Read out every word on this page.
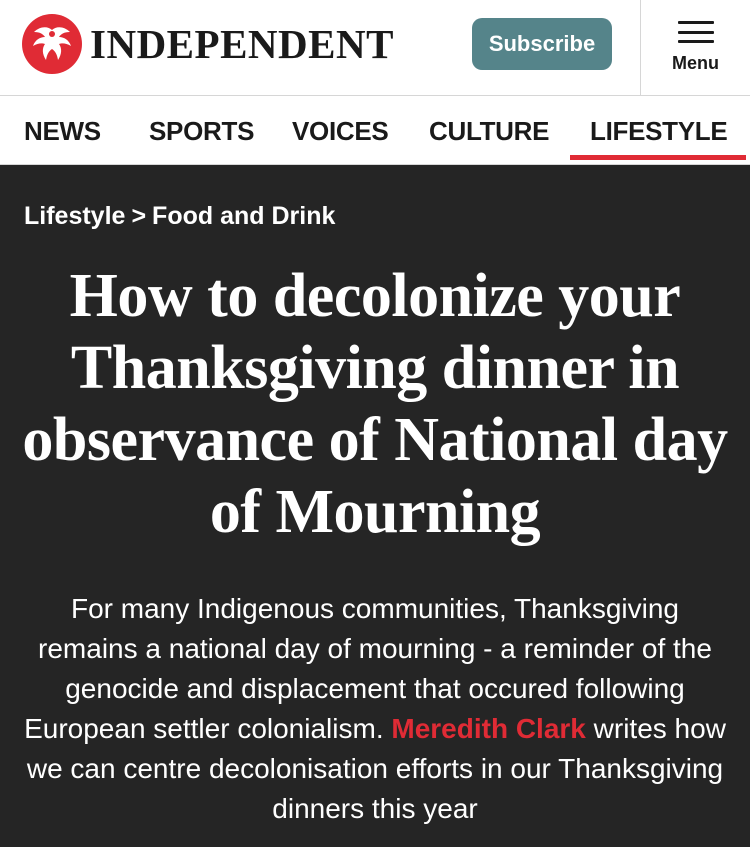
INDEPENDENT	Subscribe
Menu
NEWS SPORTS VOICES CULTURE LIFESTYLE
Lifestyle > Food and Drink
How to decolonize your Thanksgiving dinner in observance of National day of Mourning

For many Indigenous communities, Thanksgiving remains a national day of mourning - a reminder of the genocide and displacement that occured following European settler colonialism. Meredith Clark writes how we can centre decolonisation efforts in our Thanksgiving dinners this year
